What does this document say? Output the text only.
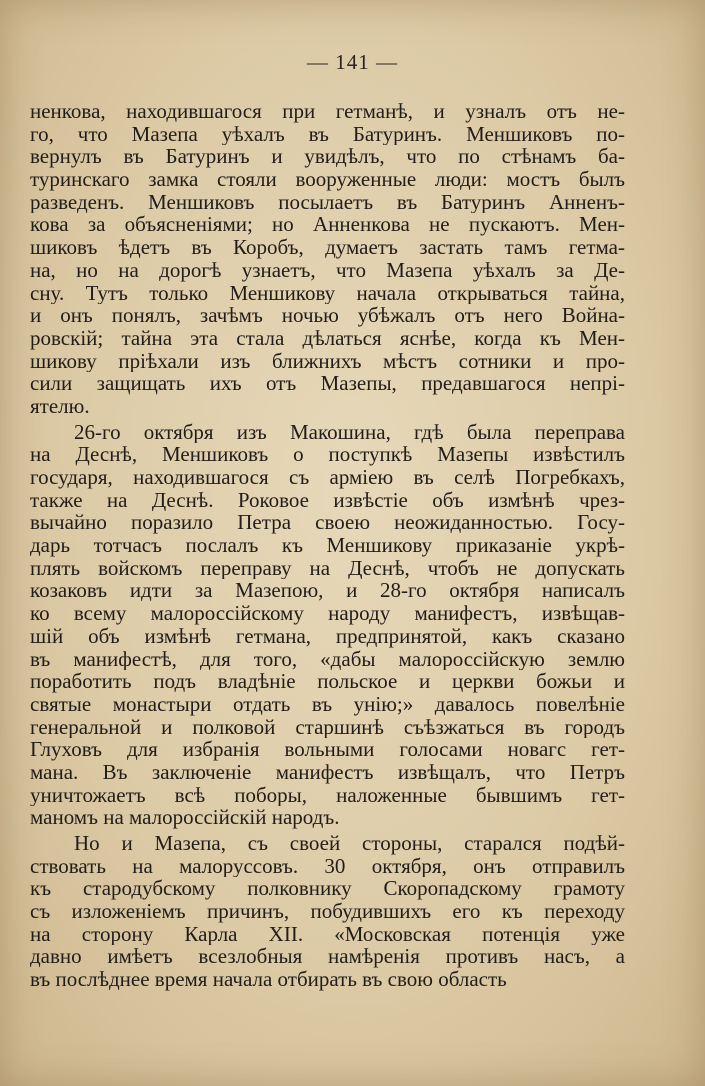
— 141 —
ненкова, находившагося при гетманѣ, и узналъ отъ не-
го, что Мазепа уѣхалъ въ Батуринъ. Меншиковъ по-
вернулъ въ Батуринъ и увидѣлъ, что по стѣнамъ ба-
туринскаго замка стояли вооруженные люди: мостъ былъ
разведенъ. Меншиковъ посылаетъ въ Батуринъ Анненъ-
кова за объясненіями; но Анненкова не пускаютъ. Мен-
шиковъ ѣдетъ въ Коробъ, думаетъ застать тамъ гетма-
на, но на дорогѣ узнаетъ, что Мазепа уѣхалъ за Де-
сну. Тутъ только Меншикову начала открываться тайна,
и онъ понялъ, зачѣмъ ночью убѣжалъ отъ него Война-
ровскій; тайна эта стала дѣлаться яснѣе, когда къ Мен-
шикову пріѣхали изъ ближнихъ мѣстъ сотники и про-
сили защищать ихъ отъ Мазепы, предавшагося непрі-
ятелю.
26-го октября изъ Макошина, гдѣ была переправа
на Деснѣ, Меншиковъ о поступкѣ Мазепы извѣстилъ
государя, находившагося съ арміею въ селѣ Погребкахъ,
также на Деснѣ. Роковое извѣстіе объ измѣнѣ чрез-
вычайно поразило Петра своею неожиданностью. Госу-
дарь тотчасъ послалъ къ Меншикову приказаніе укрѣ-
плять войскомъ переправу на Деснѣ, чтобъ не допускать
козаковъ идти за Мазепою, и 28-го октября написалъ
ко всему малороссійскому народу манифестъ, извѣщав-
шій объ измѣнѣ гетмана, предпринятой, какъ сказано
въ манифестѣ, для того, «дабы малороссійскую землю
поработить подъ владѣніе польское и церкви божьи и
святые монастыри отдать въ унію;» давалось повелѣніе
генеральной и полковой старшинѣ съѣзжаться въ городъ
Глуховъ для избранія вольными голосами новагс гет-
мана. Въ заключеніе манифестъ извѣщалъ, что Петръ
уничтожаетъ всѣ поборы, наложенные бывшимъ гет-
маномъ на малороссійскій народъ.
Но и Мазепа, съ своей стороны, старался подѣй-
ствовать на малоруссовъ. 30 октября, онъ отправилъ
къ стародубскому полковнику Скоропадскому грамоту
съ изложеніемъ причинъ, побудившихъ его къ переходу
на сторону Карла XII. «Московская потенція уже
давно имѣетъ всезлобныя намѣренія противъ насъ, а
въ послѣднее время начала отбирать въ свою область
